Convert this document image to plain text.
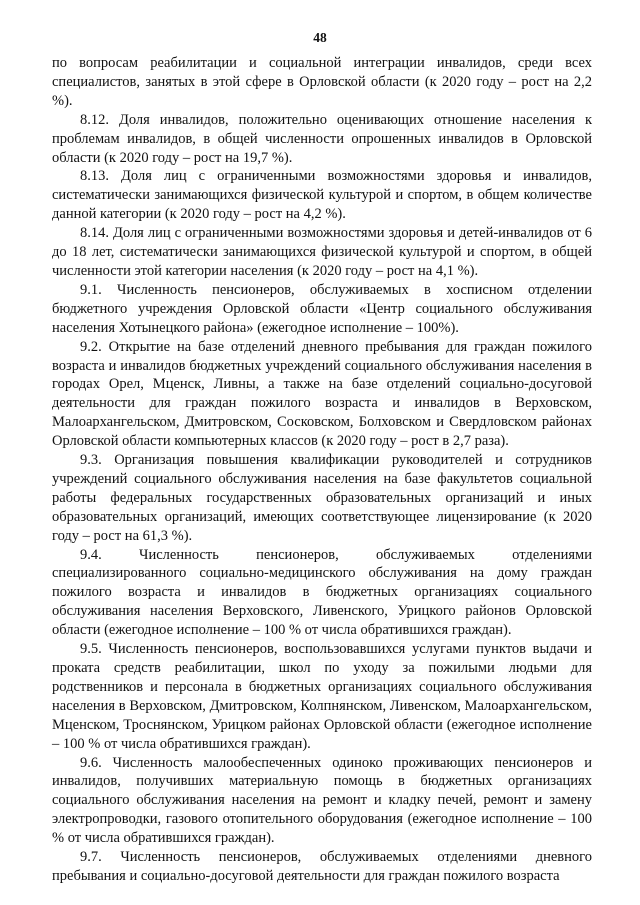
48

по вопросам реабилитации и социальной интеграции инвалидов, среди всех специалистов, занятых в этой сфере в Орловской области (к 2020 году – рост на 2,2 %).

8.12. Доля инвалидов, положительно оценивающих отношение населения к проблемам инвалидов, в общей численности опрошенных инвалидов в Орловской области (к 2020 году – рост на 19,7 %).

8.13. Доля лиц с ограниченными возможностями здоровья и инвалидов, систематически занимающихся физической культурой и спортом, в общем количестве данной категории (к 2020 году – рост на 4,2 %).

8.14. Доля лиц с ограниченными возможностями здоровья и детей-инвалидов от 6 до 18 лет, систематически занимающихся физической культурой и спортом, в общей численности этой категории населения (к 2020 году – рост на 4,1 %).

9.1. Численность пенсионеров, обслуживаемых в хосписном отделении бюджетного учреждения Орловской области «Центр социального обслуживания населения Хотынецкого района» (ежегодное исполнение – 100%).

9.2. Открытие на базе отделений дневного пребывания для граждан пожилого возраста и инвалидов бюджетных учреждений социального обслуживания населения в городах Орел, Мценск, Ливны, а также на базе отделений социально-досуговой деятельности для граждан пожилого возраста и инвалидов в Верховском, Малоархангельском, Дмитровском, Сосковском, Болховском и Свердловском районах Орловской области компьютерных классов (к 2020 году – рост в 2,7 раза).

9.3. Организация повышения квалификации руководителей и сотрудников учреждений социального обслуживания населения на базе факультетов социальной работы федеральных государственных образовательных организаций и иных образовательных организаций, имеющих соответствующее лицензирование (к 2020 году – рост на 61,3 %).

9.4. Численность пенсионеров, обслуживаемых отделениями специализированного социально-медицинского обслуживания на дому граждан пожилого возраста и инвалидов в бюджетных организациях социального обслуживания населения Верховского, Ливенского, Урицкого районов Орловской области (ежегодное исполнение – 100 % от числа обратившихся граждан).

9.5. Численность пенсионеров, воспользовавшихся услугами пунктов выдачи и проката средств реабилитации, школ по уходу за пожилыми людьми для родственников и персонала в бюджетных организациях социального обслуживания населения в Верховском, Дмитровском, Колпнянском, Ливенском, Малоархангельском, Мценском, Троснянском, Урицком районах Орловской области (ежегодное исполнение – 100 % от числа обратившихся граждан).

9.6. Численность малообеспеченных одиноко проживающих пенсионеров и инвалидов, получивших материальную помощь в бюджетных организациях социального обслуживания населения на ремонт и кладку печей, ремонт и замену электропроводки, газового отопительного оборудования (ежегодное исполнение – 100 % от числа обратившихся граждан).

9.7. Численность пенсионеров, обслуживаемых отделениями дневного пребывания и социально-досуговой деятельности для граждан пожилого возраста
